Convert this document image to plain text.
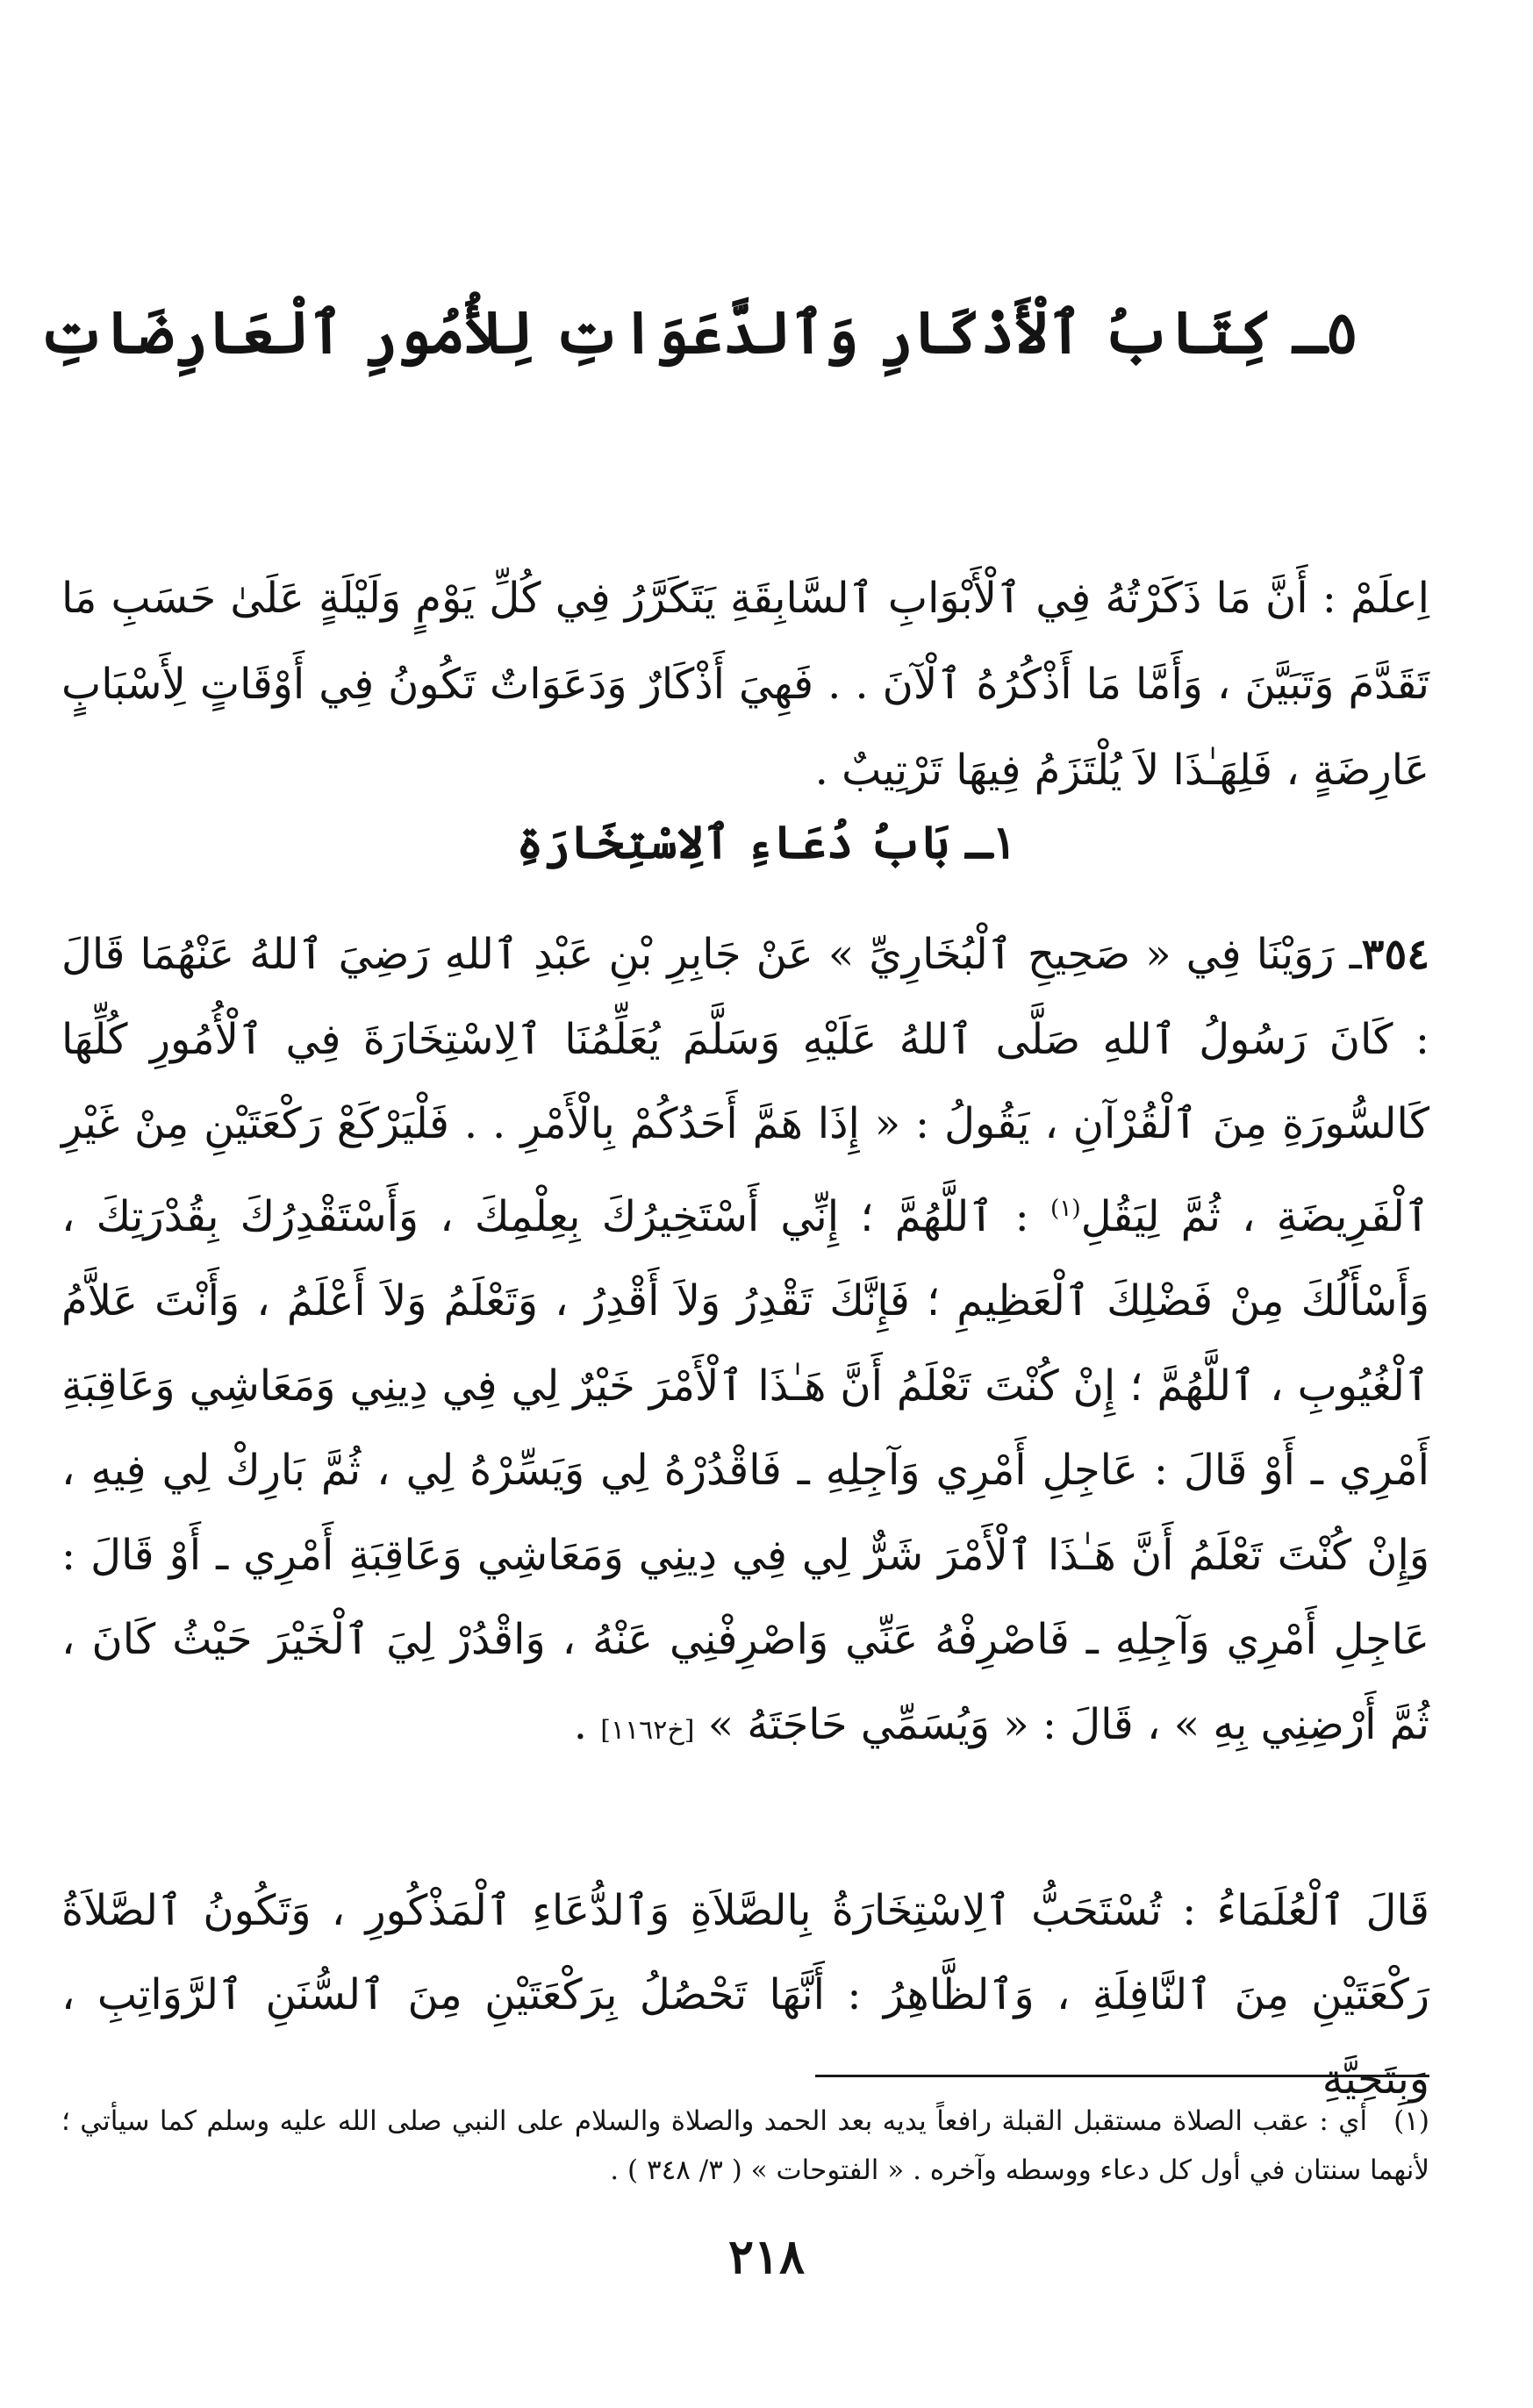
٥ـ كِتَابُ ٱلْأَذْكَارِ وَٱلدَّعَوَاتِ لِلأُمُورِ ٱلْعَارِضَاتِ

اِعلَمْ : أَنَّ مَا ذَكَرْتُهُ فِي ٱلْأَبْوَابِ ٱلسَّابِقَةِ يَتَكَرَّرُ فِي كُلِّ يَوْمٍ وَلَيْلَةٍ عَلَىٰ حَسَبِ مَا تَقَدَّمَ وَتَبَيَّنَ ، وَأَمَّا مَا أَذْكُرُهُ ٱلْآنَ . . فَهِيَ أَذْكَارٌ وَدَعَوَاتٌ تَكُونُ فِي أَوْقَاتٍ لِأَسْبَابٍ عَارِضَةٍ ، فَلِهَـٰذَا لاَ يُلْتَزَمُ فِيهَا تَرْتِيبٌ .

١ـ بَابُ دُعَاءِ ٱلِاسْتِخَارَةِ

٣٥٤ـ رَوَيْنَا فِي « صَحِيحِ ٱلْبُخَارِيِّ » عَنْ جَابِرِ بْنِ عَبْدِ ٱللهِ رَضِيَ ٱللهُ عَنْهُمَا قَالَ : كَانَ رَسُولُ ٱللهِ صَلَّى ٱللهُ عَلَيْهِ وَسَلَّمَ يُعَلِّمُنَا ٱلِاسْتِخَارَةَ فِي ٱلْأُمُورِ كُلِّهَا كَالسُّورَةِ مِنَ ٱلْقُرْآنِ ، يَقُولُ : « إِذَا هَمَّ أَحَدُكُمْ بِالْأَمْرِ . . فَلْيَرْكَعْ رَكْعَتَيْنِ مِنْ غَيْرِ ٱلْفَرِيضَةِ ، ثُمَّ لِيَقُلِ$^{(١)}$ : ٱللَّهُمَّ ؛ إِنِّي أَسْتَخِيرُكَ بِعِلْمِكَ ، وَأَسْتَقْدِرُكَ بِقُدْرَتِكَ ، وَأَسْأَلُكَ مِنْ فَضْلِكَ ٱلْعَظِيمِ ؛ فَإِنَّكَ تَقْدِرُ وَلاَ أَقْدِرُ ، وَتَعْلَمُ وَلاَ أَعْلَمُ ، وَأَنْتَ عَلاَّمُ ٱلْغُيُوبِ ، ٱللَّهُمَّ ؛ إِنْ كُنْتَ تَعْلَمُ أَنَّ هَـٰذَا ٱلْأَمْرَ خَيْرٌ لِي فِي دِينِي وَمَعَاشِي وَعَاقِبَةِ أَمْرِي ـ أَوْ قَالَ : عَاجِلِ أَمْرِي وَآجِلِهِ ـ فَاقْدُرْهُ لِي وَيَسِّرْهُ لِي ، ثُمَّ بَارِكْ لِي فِيهِ ، وَإِنْ كُنْتَ تَعْلَمُ أَنَّ هَـٰذَا ٱلْأَمْرَ شَرٌّ لِي فِي دِينِي وَمَعَاشِي وَعَاقِبَةِ أَمْرِي ـ أَوْ قَالَ : عَاجِلِ أَمْرِي وَآجِلِهِ ـ فَاصْرِفْهُ عَنِّي وَاصْرِفْنِي عَنْهُ ، وَاقْدُرْ لِيَ ٱلْخَيْرَ حَيْثُ كَانَ ، ثُمَّ أَرْضِنِي بِهِ » ، قَالَ : « وَيُسَمِّي حَاجَتَهُ » [خ١١٦٢] .

قَالَ ٱلْعُلَمَاءُ : تُسْتَحَبُّ ٱلِاسْتِخَارَةُ بِالصَّلاَةِ وَٱلدُّعَاءِ ٱلْمَذْكُورِ ، وَتَكُونُ ٱلصَّلاَةُ رَكْعَتَيْنِ مِنَ ٱلنَّافِلَةِ ، وَٱلظَّاهِرُ : أَنَّهَا تَحْصُلُ بِرَكْعَتَيْنِ مِنَ ٱلسُّنَنِ ٱلرَّوَاتِبِ ، وَبِتَحِيَّةِ

(١)أي : عقب الصلاة مستقبل القبلة رافعاً يديه بعد الحمد والصلاة والسلام على النبي صلى الله عليه وسلم كما سيأتي ؛ لأنهما سنتان في أول كل دعاء ووسطه وآخره . « الفتوحات » ( ٣/ ٣٤٨ ) .

٢١٨
